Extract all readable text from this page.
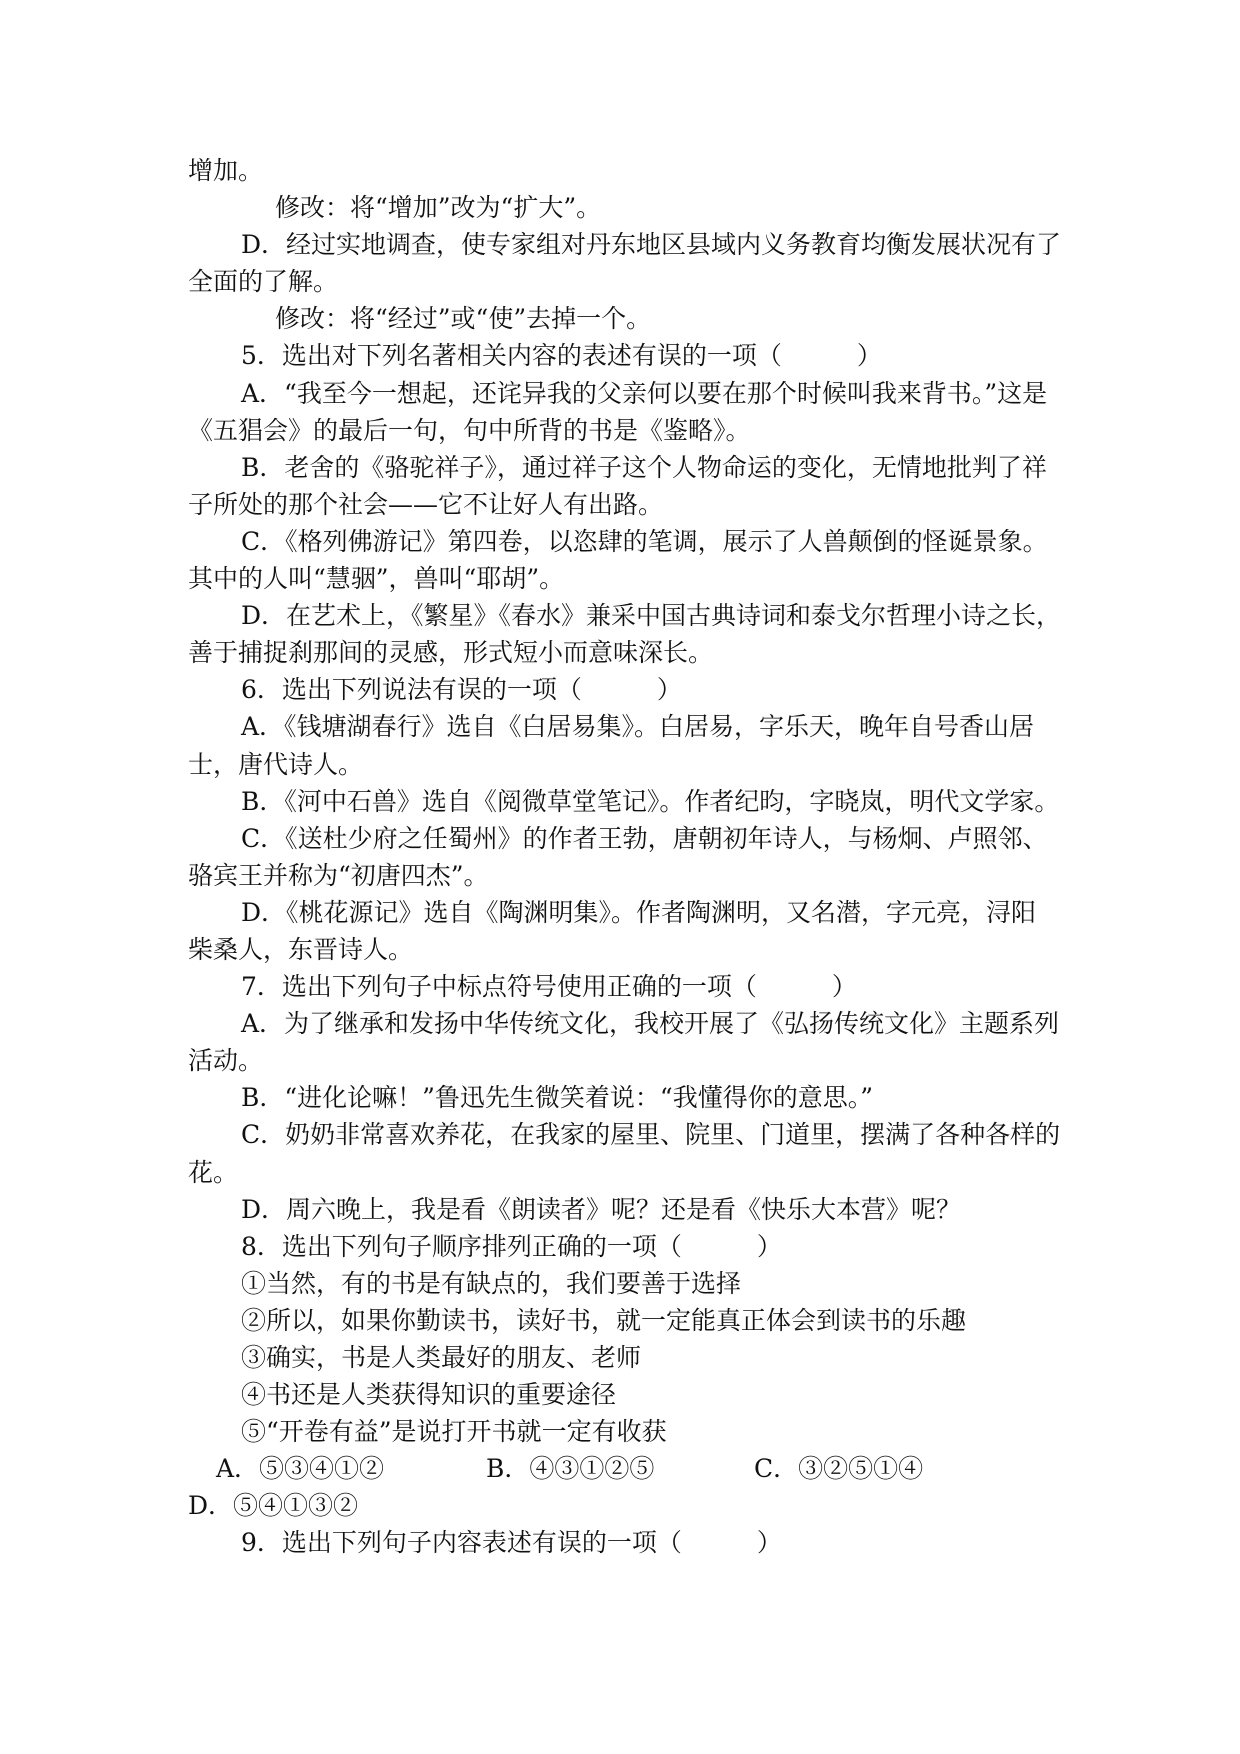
增加。

修改：将“增加”改为“扩大”。

D．经过实地调查，使专家组对丹东地区县域内义务教育均衡发展状况有了

全面的了解。

修改：将“经过”或“使”去掉一个。

5．选出对下列名著相关内容的表述有误的一项（　　　）

A．“我至今一想起，还诧异我的父亲何以要在那个时候叫我来背书。”这是

《五猖会》的最后一句，句中所背的书是《鉴略》。

B．老舍的《骆驼祥子》，通过祥子这个人物命运的变化，无情地批判了祥

子所处的那个社会——它不让好人有出路。

C．《格列佛游记》第四卷，以恣肆的笔调，展示了人兽颠倒的怪诞景象。

其中的人叫“慧骃”，兽叫“耶胡”。

D．在艺术上，《繁星》《春水》兼采中国古典诗词和泰戈尔哲理小诗之长，

善于捕捉刹那间的灵感，形式短小而意味深长。

6．选出下列说法有误的一项（　　　）

A．《钱塘湖春行》选自《白居易集》。白居易，字乐天，晚年自号香山居

士，唐代诗人。

B．《河中石兽》选自《阅微草堂笔记》。作者纪昀，字晓岚，明代文学家。

C．《送杜少府之任蜀州》的作者王勃，唐朝初年诗人，与杨炯、卢照邻、

骆宾王并称为“初唐四杰”。

D．《桃花源记》选自《陶渊明集》。作者陶渊明，又名潜，字元亮，浔阳

柴桑人，东晋诗人。

7．选出下列句子中标点符号使用正确的一项（　　　）

A．为了继承和发扬中华传统文化，我校开展了《弘扬传统文化》主题系列

活动。

B．“进化论嘛！”鲁迅先生微笑着说：“我懂得你的意思。”

C．奶奶非常喜欢养花，在我家的屋里、院里、门道里，摆满了各种各样的

花。

D．周六晚上，我是看《朗读者》呢？还是看《快乐大本营》呢？

8．选出下列句子顺序排列正确的一项（　　　）

①当然，有的书是有缺点的，我们要善于选择

②所以，如果你勤读书，读好书，就一定能真正体会到读书的乐趣

③确实，书是人类最好的朋友、老师

④书还是人类获得知识的重要途径

⑤“开卷有益”是说打开书就一定有收获

A．⑤③④①②	B．④③①②⑤	C．③②⑤①④

D．⑤④①③②

9．选出下列句子内容表述有误的一项（　　　）
